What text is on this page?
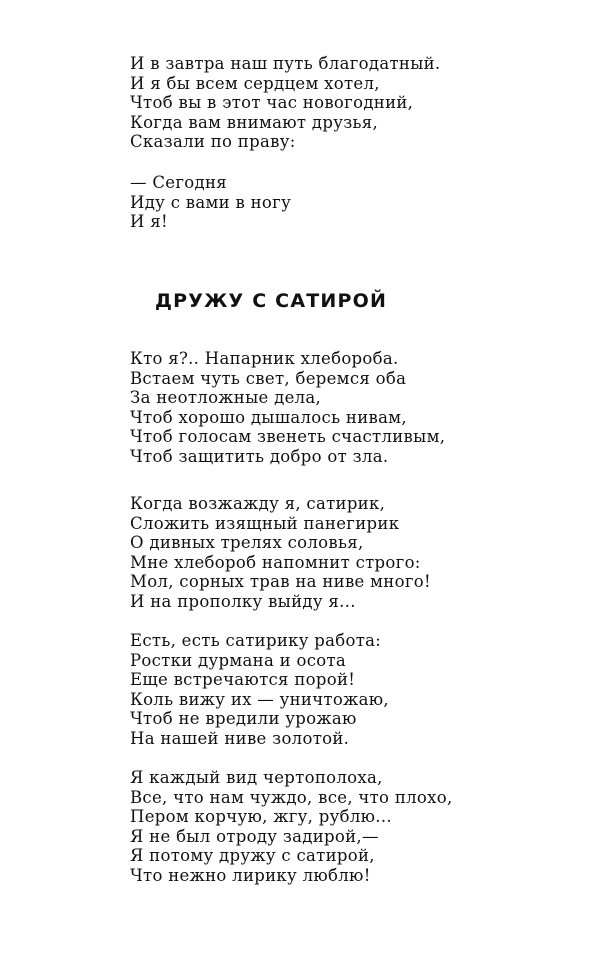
И в завтра наш путь благодатный.
И я бы всем сердцем хотел,
Чтоб вы в этот час новогодний,
Когда вам внимают друзья,
Сказали по праву:
— Сегодня
Иду с вами в ногу
И я!
ДРУЖУ С САТИРОЙ
Кто я?.. Напарник хлебороба.
Встаем чуть свет, беремся оба
За неотложные дела,
Чтоб хорошо дышалось нивам,
Чтоб голосам звенеть счастливым,
Чтоб защитить добро от зла.
Когда возжажду я, сатирик,
Сложить изящный панегирик
О дивных трелях соловья,
Мне хлебороб напомнит строго:
Мол, сорных трав на ниве много!
И на прополку выйду я...
Есть, есть сатирику работа:
Ростки дурмана и осота
Еще встречаются порой!
Коль вижу их — уничтожаю,
Чтоб не вредили урожаю
На нашей ниве золотой.
Я каждый вид чертополоха,
Все, что нам чуждо, все, что плохо,
Пером корчую, жгу, рублю...
Я не был отроду задирой,—
Я потому дружу с сатирой,
Что нежно лирику люблю!
